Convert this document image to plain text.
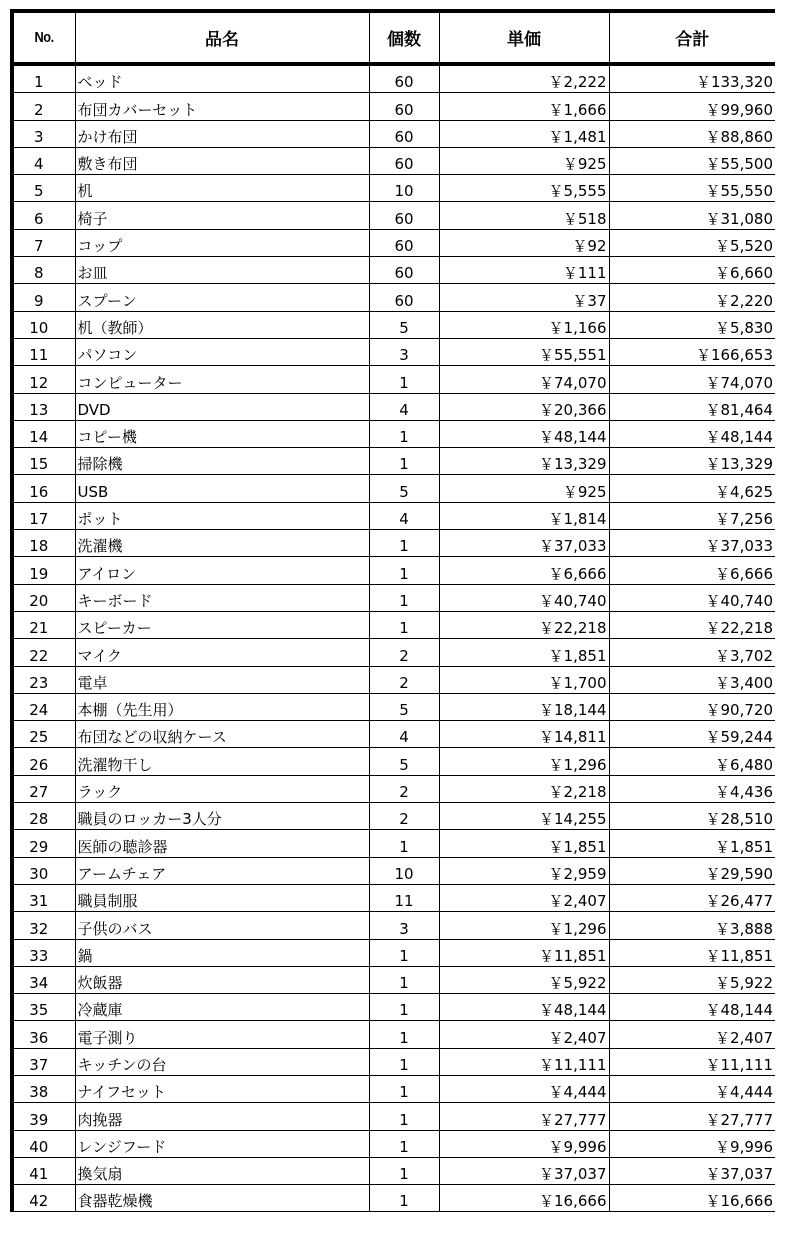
No.	品名	個数	単価	合計
1	ベッド	60	￥2,222	￥133,320
2	布団カバーセット	60	￥1,666	￥99,960
3	かけ布団	60	￥1,481	￥88,860
4	敷き布団	60	￥925	￥55,500
5	机	10	￥5,555	￥55,550
6	椅子	60	￥518	￥31,080
7	コップ	60	￥92	￥5,520
8	お皿	60	￥111	￥6,660
9	スプーン	60	￥37	￥2,220
10	机（教師）	5	￥1,166	￥5,830
11	パソコン	3	￥55,551	￥166,653
12	コンピューター	1	￥74,070	￥74,070
13	DVD	4	￥20,366	￥81,464
14	コピー機	1	￥48,144	￥48,144
15	掃除機	1	￥13,329	￥13,329
16	USB	5	￥925	￥4,625
17	ポット	4	￥1,814	￥7,256
18	洗濯機	1	￥37,033	￥37,033
19	アイロン	1	￥6,666	￥6,666
20	キーボード	1	￥40,740	￥40,740
21	スピーカー	1	￥22,218	￥22,218
22	マイク	2	￥1,851	￥3,702
23	電卓	2	￥1,700	￥3,400
24	本棚（先生用）	5	￥18,144	￥90,720
25	布団などの収納ケース	4	￥14,811	￥59,244
26	洗濯物干し	5	￥1,296	￥6,480
27	ラック	2	￥2,218	￥4,436
28	職員のロッカー3人分	2	￥14,255	￥28,510
29	医師の聴診器	1	￥1,851	￥1,851
30	アームチェア	10	￥2,959	￥29,590
31	職員制服	11	￥2,407	￥26,477
32	子供のバス	3	￥1,296	￥3,888
33	鍋	1	￥11,851	￥11,851
34	炊飯器	1	￥5,922	￥5,922
35	冷蔵庫	1	￥48,144	￥48,144
36	電子測り	1	￥2,407	￥2,407
37	キッチンの台	1	￥11,111	￥11,111
38	ナイフセット	1	￥4,444	￥4,444
39	肉挽器	1	￥27,777	￥27,777
40	レンジフード	1	￥9,996	￥9,996
41	換気扇	1	￥37,037	￥37,037
42	食器乾燥機	1	￥16,666	￥16,666
